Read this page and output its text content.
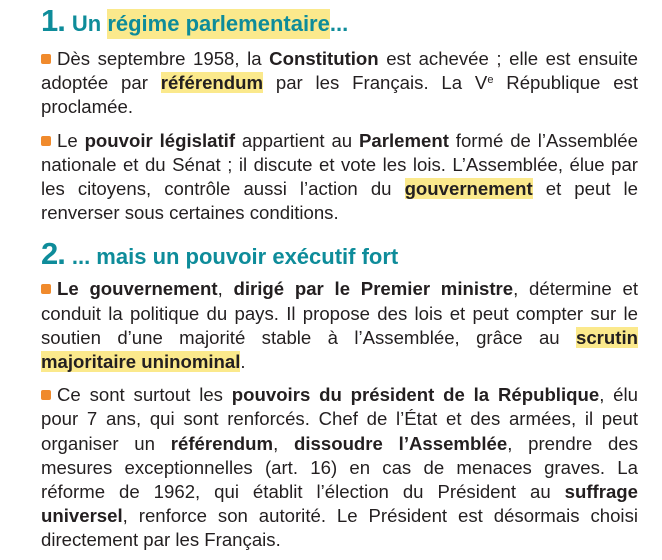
1. Un régime parlementaire ...

Dès septembre 1958, la Constitution est achevée ; elle est ensuite adoptée par référendum par les Français. La Ve République est proclamée.

Le pouvoir législatif appartient au Parlement formé de l’Assemblée nationale et du Sénat ; il discute et vote les lois. L’Assemblée, élue par les citoyens, contrôle aussi l’action du gouvernement et peut le renverser sous certaines conditions.

2. ... mais un pouvoir exécutif fort

Le gouvernement, dirigé par le Premier ministre, détermine et conduit la politique du pays. Il propose des lois et peut compter sur le soutien d’une majorité stable à l’Assemblée, grâce au scrutin majoritaire uninominal.

Ce sont surtout les pouvoirs du président de la République, élu pour 7 ans, qui sont renforcés. Chef de l’État et des armées, il peut organiser un référendum, dissoudre l’Assemblée, prendre des mesures exceptionnelles (art. 16) en cas de menaces graves. La réforme de 1962, qui établit l’élection du Président au suffrage universel, renforce son autorité. Le Président est désormais choisi directement par les Français.
